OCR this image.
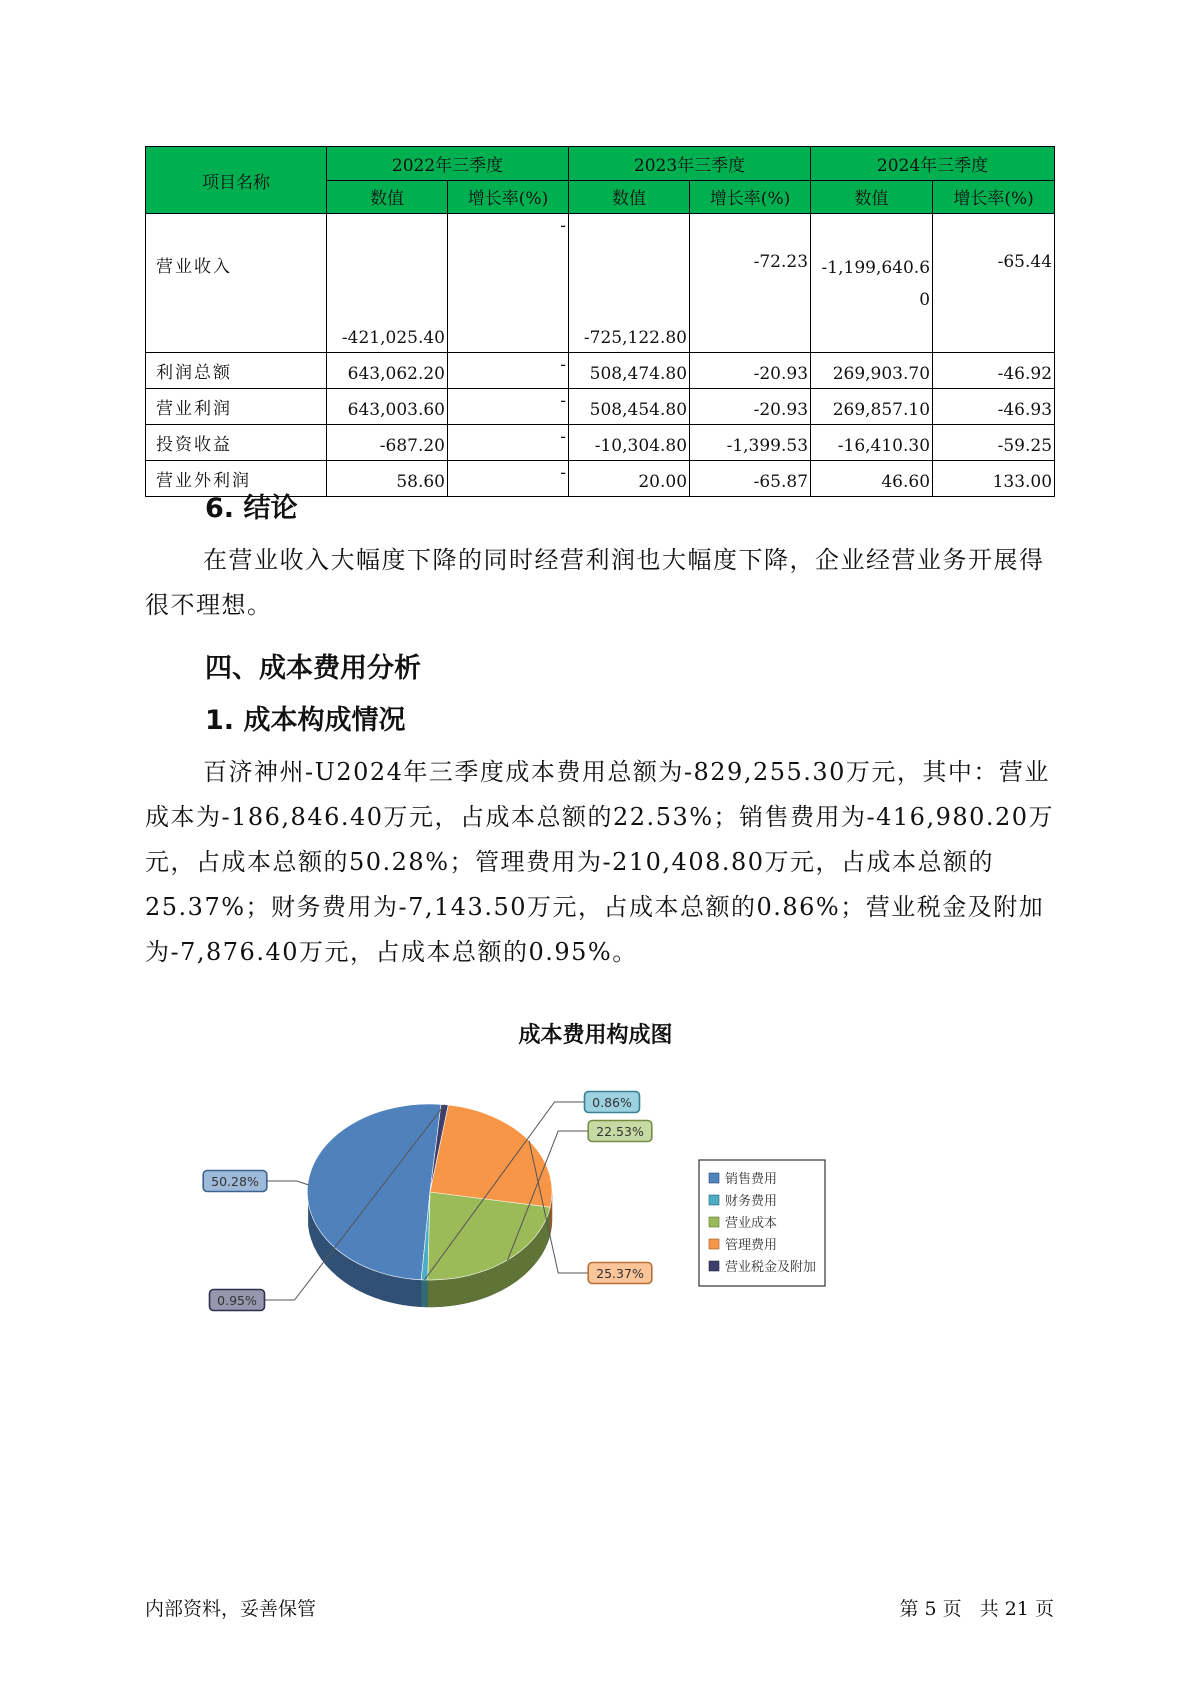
项目名称	2022年三季度		2023年三季度		2024年三季度	
	数值	增长率(%)	数值	增长率(%)	数值	增长率(%)
营业收入	-421,025.40	-	-725,122.80	-72.23	-1,199,640.60	-65.44
利润总额	643,062.20	-	508,474.80	-20.93	269,903.70	-46.92
营业利润	643,003.60	-	508,454.80	-20.93	269,857.10	-46.93
投资收益	-687.20	-	-10,304.80	-1,399.53	-16,410.30	-59.25
营业外利润	58.60	-	20.00	-65.87	46.60	133.00
6. 结论

在营业收入大幅度下降的同时经营利润也大幅度下降，企业经营业务开展得很不理想。

四、成本费用分析
1. 成本构成情况

百济神州-U2024年三季度成本费用总额为-829,255.30万元，其中：营业成本为-186,846.40万元，占成本总额的22.53%；销售费用为-416,980.20万元，占成本总额的50.28%；管理费用为-210,408.80万元，占成本总额的25.37%；财务费用为-7,143.50万元，占成本总额的0.86%；营业税金及附加为-7,876.40万元，占成本总额的0.95%。

成本费用构成图
50.28%
0.86%
22.53%
25.37%
0.95%
销售费用
财务费用
营业成本
管理费用
营业税金及附加
内部资料，妥善保管	第 5 页   共 21 页
